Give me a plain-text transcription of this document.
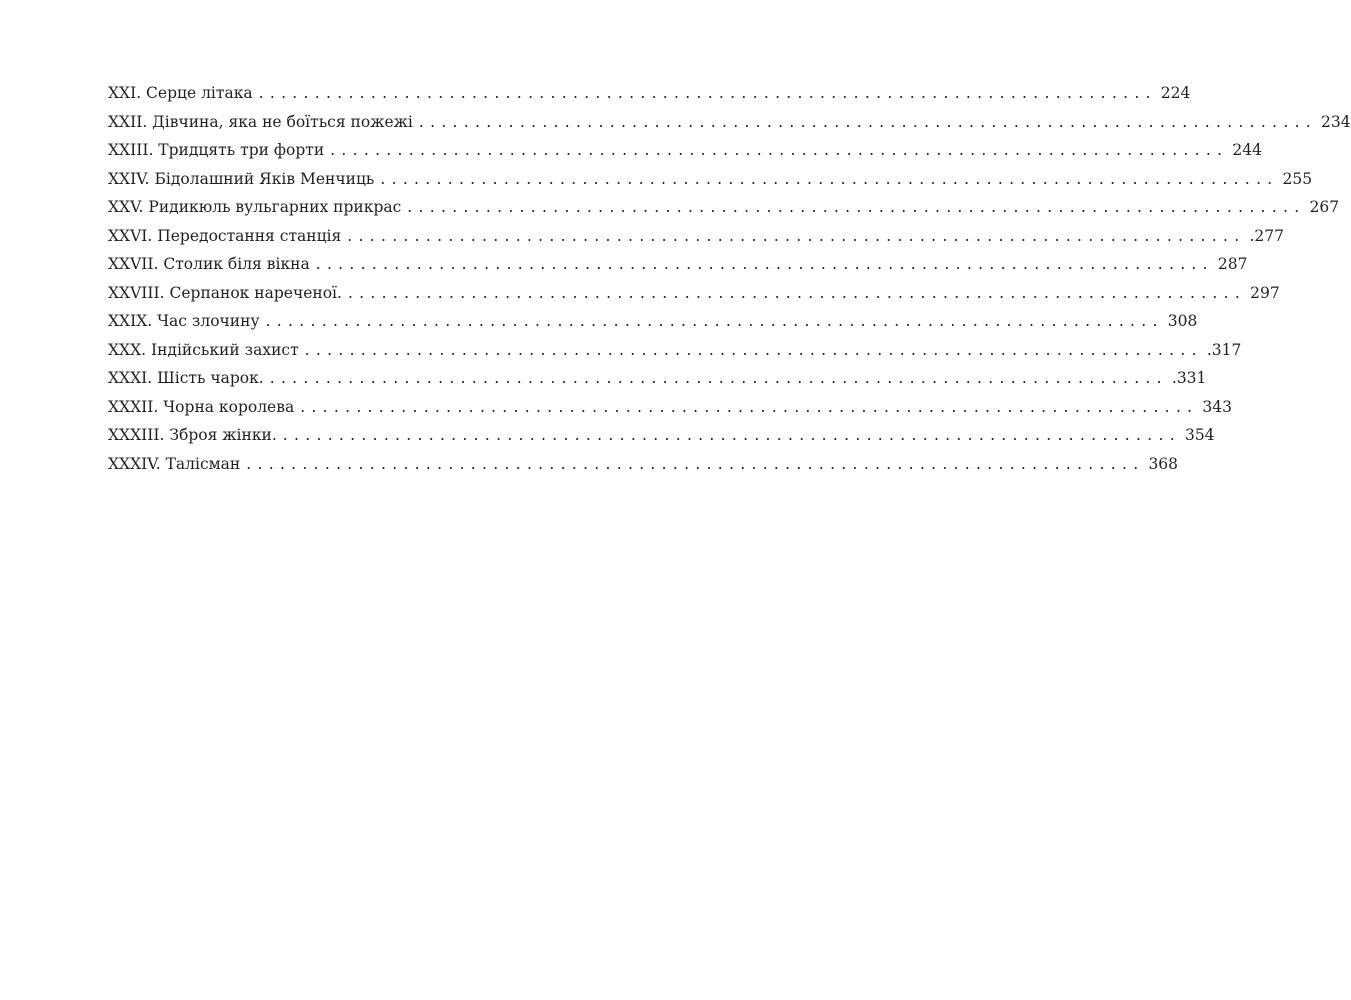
XXI. Серце літака ................................................................................ 224
XXII. Дівчина, яка не боїться пожежі ................................................................................ 234
XXIII. Тридцять три форти ................................................................................ 244
XXIV. Бідолашний Яків Менчиць ................................................................................ 255
XXV. Ридикюль вульгарних прикрас ................................................................................ 267
XXVI. Передостання станція ................................................................................ .277
XXVII. Столик біля вікна ................................................................................ 287
XXVIII. Серпанок нареченої. ................................................................................ 297
XXIX. Час злочину ................................................................................ 308
XXX. Індійський захист ................................................................................ .317
XXXI. Шість чарок. ................................................................................ .331
XXXII. Чорна королева ................................................................................ 343
XXXIII. Зброя жінки. ................................................................................ 354
XXXIV. Талісман ................................................................................ 368
